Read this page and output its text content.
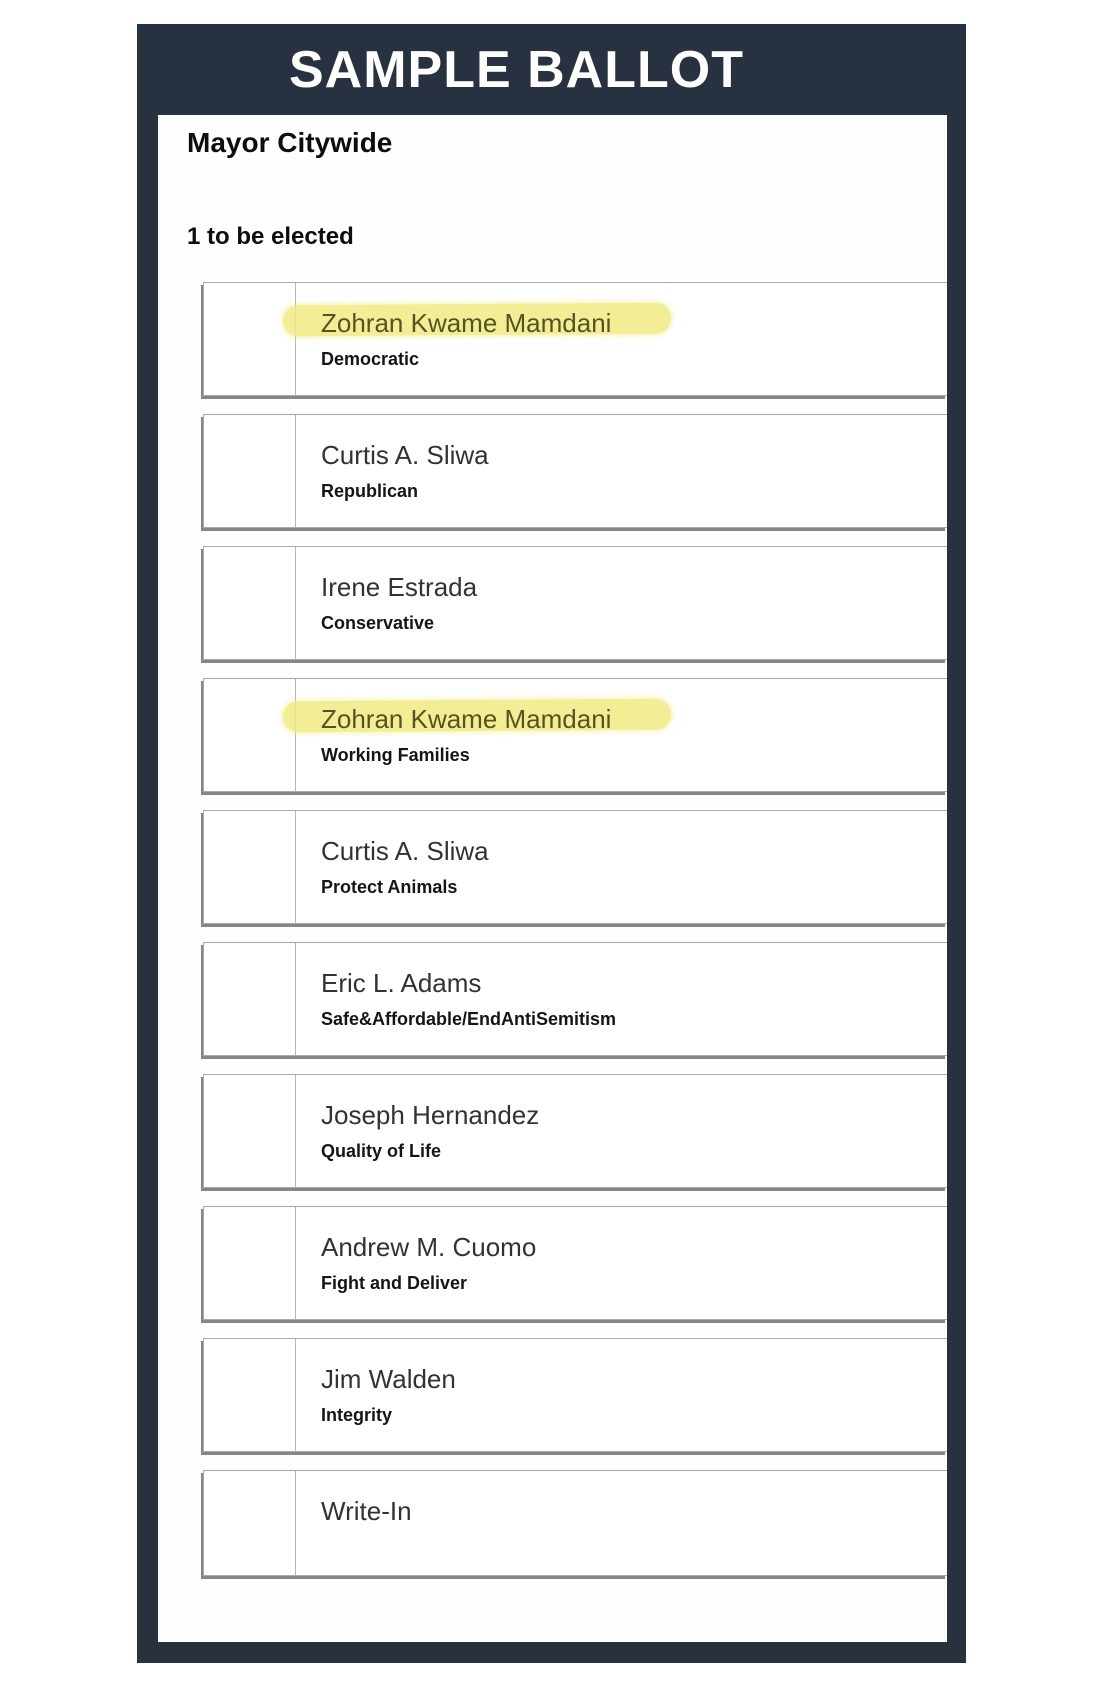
SAMPLE BALLOT
Mayor Citywide
1 to be elected
Zohran Kwame Mamdani
Democratic
Curtis A. Sliwa
Republican
Irene Estrada
Conservative
Zohran Kwame Mamdani
Working Families
Curtis A. Sliwa
Protect Animals
Eric L. Adams
Safe&Affordable/EndAntiSemitism
Joseph Hernandez
Quality of Life
Andrew M. Cuomo
Fight and Deliver
Jim Walden
Integrity
Write-In
